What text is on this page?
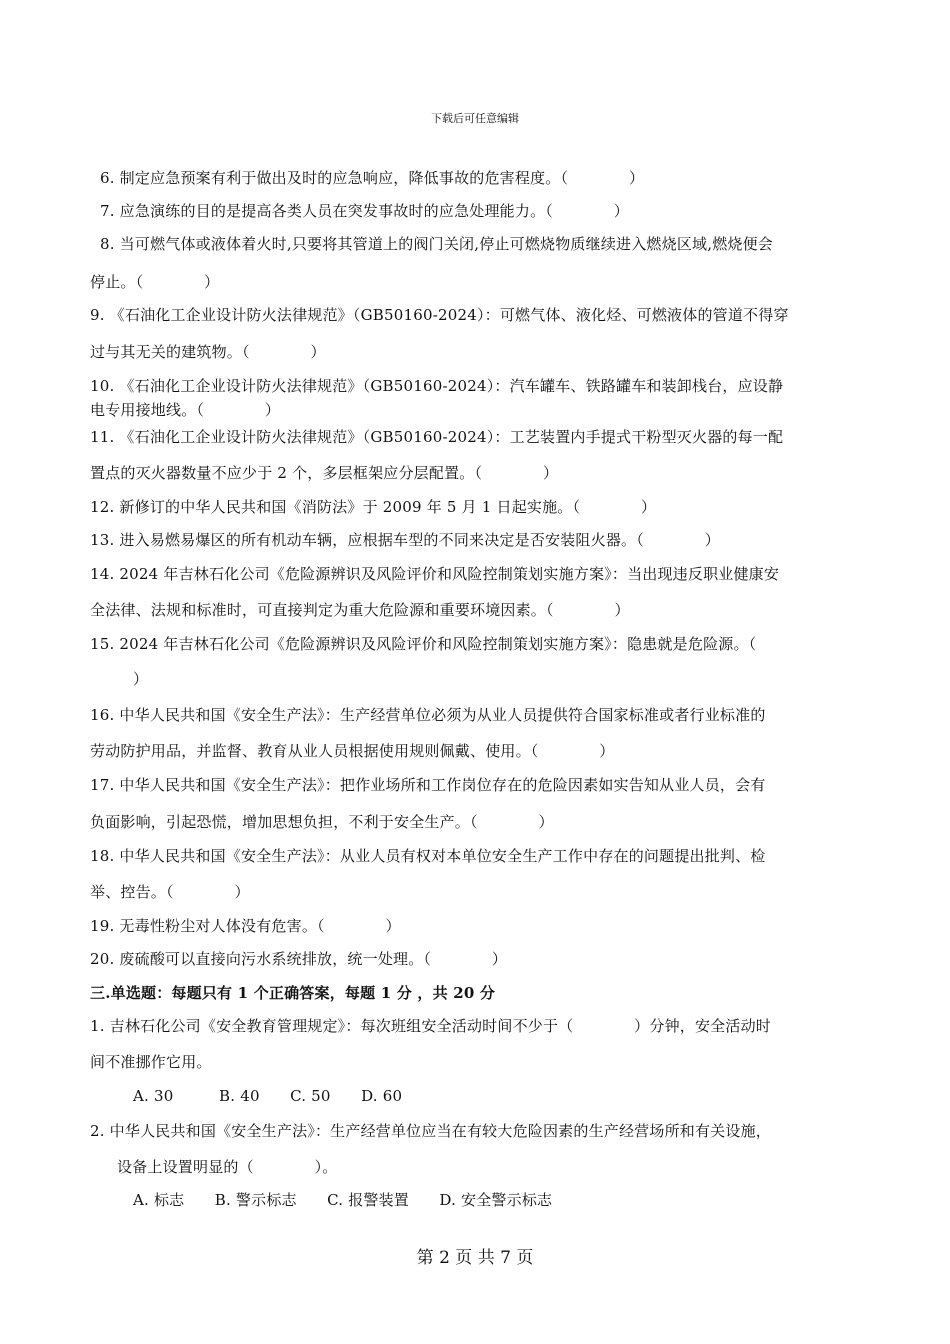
下载后可任意编辑
6. 制定应急预案有利于做出及时的应急响应，降低事故的危害程度。（　　　　）
7. 应急演练的目的是提高各类人员在突发事故时的应急处理能力。（　　　　）
8. 当可燃气体或液体着火时,只要将其管道上的阀门关闭,停止可燃烧物质继续进入燃烧区域,燃烧便会
停止。（　　　　）
9. 《石油化工企业设计防火法律规范》（GB50160-2024）：可燃气体、液化烃、可燃液体的管道不得穿
过与其无关的建筑物。（　　　　）
10. 《石油化工企业设计防火法律规范》（GB50160-2024）：汽车罐车、铁路罐车和装卸栈台，应设静
电专用接地线。（　　　　）
11. 《石油化工企业设计防火法律规范》（GB50160-2024）：工艺装置内手提式干粉型灭火器的每一配
置点的灭火器数量不应少于 2 个，多层框架应分层配置。（　　　　）
12. 新修订的中华人民共和国《消防法》于 2009 年 5 月 1 日起实施。（　　　　）
13. 进入易燃易爆区的所有机动车辆，应根据车型的不同来决定是否安装阻火器。（　　　　）
14. 2024 年吉林石化公司《危险源辨识及风险评价和风险控制策划实施方案》：当出现违反职业健康安
全法律、法规和标准时，可直接判定为重大危险源和重要环境因素。（　　　　）
15. 2024 年吉林石化公司《危险源辨识及风险评价和风险控制策划实施方案》：隐患就是危险源。（
）
16. 中华人民共和国《安全生产法》：生产经营单位必须为从业人员提供符合国家标准或者行业标准的
劳动防护用品，并监督、教育从业人员根据使用规则佩戴、使用。（　　　　）
17. 中华人民共和国《安全生产法》：把作业场所和工作岗位存在的危险因素如实告知从业人员，会有
负面影响，引起恐慌，增加思想负担，不利于安全生产。（　　　　）
18. 中华人民共和国《安全生产法》：从业人员有权对本单位安全生产工作中存在的问题提出批判、检
举、控告。（　　　　）
19. 无毒性粉尘对人体没有危害。（　　　　）
20. 废硫酸可以直接向污水系统排放，统一处理。（　　　　）
三.单选题：每题只有 1 个正确答案，每题 1 分 ，共 20 分
1. 吉林石化公司《安全教育管理规定》：每次班组安全活动时间不少于（　　　　）分钟，安全活动时
间不准挪作它用。
A. 30　　　B. 40　　C. 50　　D. 60
2. 中华人民共和国《安全生产法》：生产经营单位应当在有较大危险因素的生产经营场所和有关设施，
设备上设置明显的（　　　　）。
A. 标志　　B. 警示标志　　C. 报警装置　　D. 安全警示标志
第 2 页 共 7 页
